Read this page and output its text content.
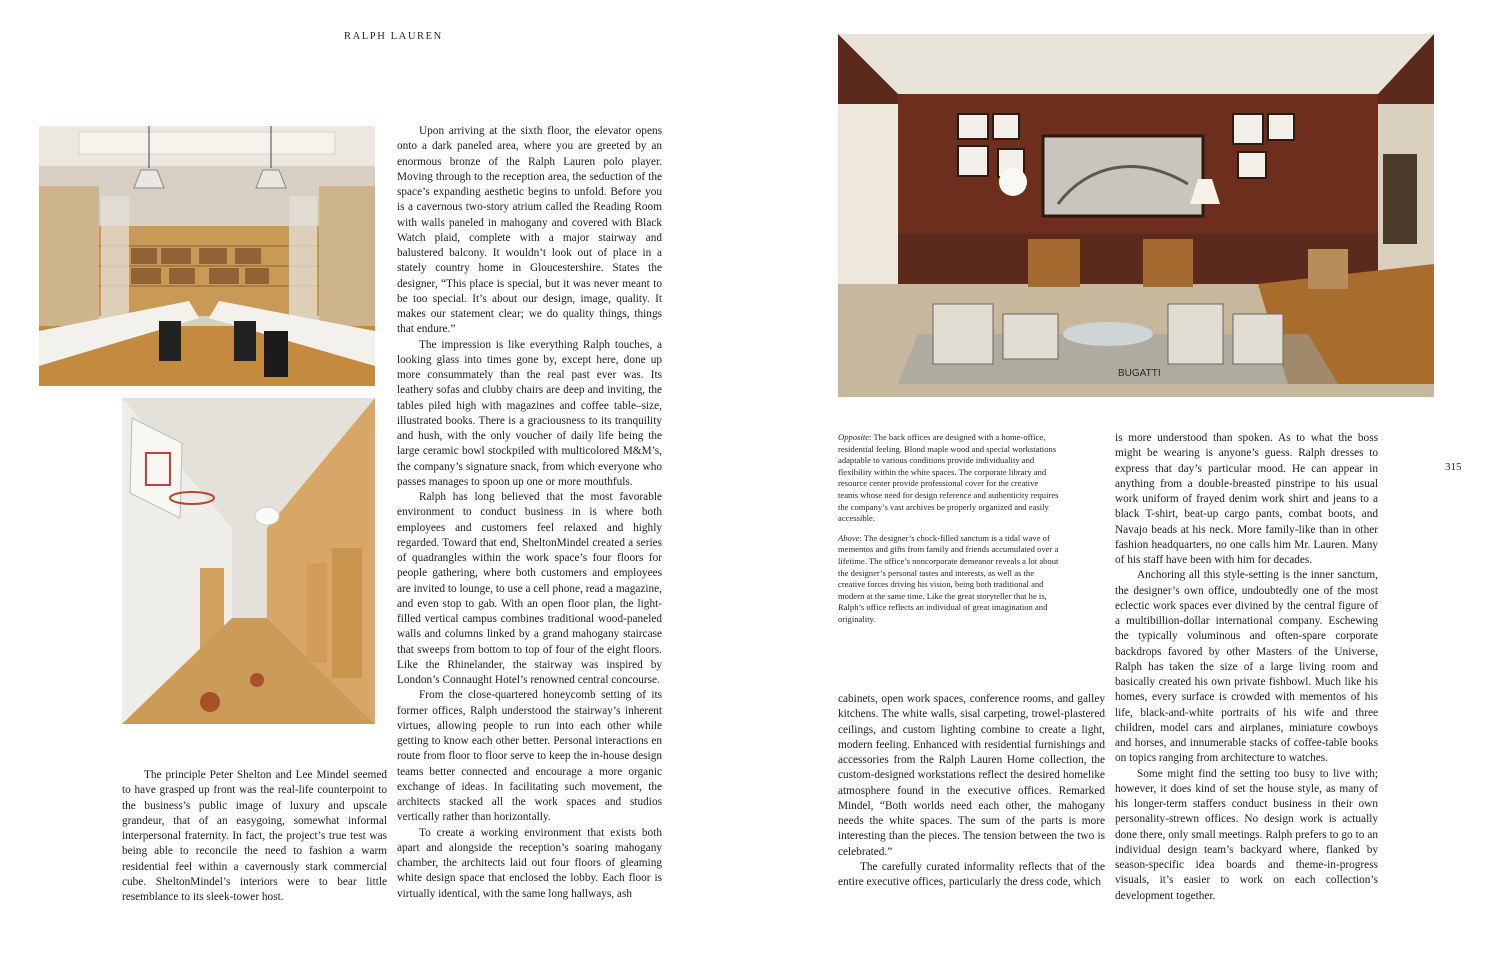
RALPH LAUREN

The principle Peter Shelton and Lee Mindel seemed to have grasped up front was the real-life counterpoint to the business’s public image of luxury and upscale grandeur, that of an easygoing, somewhat informal interpersonal fraternity. In fact, the project’s true test was being able to reconcile the need to fashion a warm residential feel within a cavernously stark commercial cube. SheltonMindel’s interiors were to bear little resemblance to its sleek-tower host.

Upon arriving at the sixth floor, the elevator opens onto a dark paneled area, where you are greeted by an enormous bronze of the Ralph Lauren polo player. Moving through to the reception area, the seduction of the space’s expanding aesthetic begins to unfold. Before you is a cavernous two-story atrium called the Reading Room with walls paneled in mahogany and covered with Black Watch plaid, complete with a major stairway and balustered balcony. It wouldn’t look out of place in a stately country home in Gloucestershire. States the designer, “This place is special, but it was never meant to be too special. It’s about our design, image, quality. It makes our statement clear; we do quality things, things that endure.”

The impression is like everything Ralph touches, a looking glass into times gone by, except here, done up more consummately than the real past ever was. Its leathery sofas and clubby chairs are deep and inviting, the tables piled high with magazines and coffee table–size, illustrated books. There is a graciousness to its tranquility and hush, with the only voucher of daily life being the large ceramic bowl stockpiled with multicolored M&M’s, the company’s signature snack, from which everyone who passes manages to spoon up one or more mouthfuls.

Ralph has long believed that the most favorable environment to conduct business in is where both employees and customers feel relaxed and highly regarded. Toward that end, SheltonMindel created a series of quadrangles within the work space’s four floors for people gathering, where both customers and employees are invited to lounge, to use a cell phone, read a magazine, and even stop to gab. With an open floor plan, the light-filled vertical campus combines traditional wood-paneled walls and columns linked by a grand mahogany staircase that sweeps from bottom to top of four of the eight floors. Like the Rhinelander, the stairway was inspired by London’s Connaught Hotel’s renowned central concourse.

From the close-quartered honeycomb setting of its former offices, Ralph understood the stairway’s inherent virtues, allowing people to run into each other while getting to know each other better. Personal interactions en route from floor to floor serve to keep the in-house design teams better connected and encourage a more organic exchange of ideas. In facilitating such movement, the architects stacked all the work spaces and studios vertically rather than horizontally.

To create a working environment that exists both apart and alongside the reception’s soaring mahogany chamber, the architects laid out four floors of gleaming white design space that enclosed the lobby. Each floor is virtually identical, with the same long hallways, ash

BUGATTI

Opposite: The back offices are designed with a home-office, residential feeling. Blond maple wood and special workstations adaptable to various conditions provide individuality and flexibility within the white spaces. The corporate library and resource center provide professional cover for the creative teams whose need for design reference and authenticity requires the company’s vast archives be properly organized and easily accessible.

Above: The designer’s chock-filled sanctum is a tidal wave of mementos and gifts from family and friends accumulated over a lifetime. The office’s noncorporate demeanor reveals a lot about the designer’s personal tastes and interests, as well as the creative forces driving his vision, being both traditional and modern at the same time. Like the great storyteller that he is, Ralph’s office reflects an individual of great imagination and originality.

cabinets, open work spaces, conference rooms, and galley kitchens. The white walls, sisal carpeting, trowel-plastered ceilings, and custom lighting combine to create a light, modern feeling. Enhanced with residential furnishings and accessories from the Ralph Lauren Home collection, the custom-designed workstations reflect the desired homelike atmosphere found in the executive offices. Remarked Mindel, “Both worlds need each other, the mahogany needs the white spaces. The sum of the parts is more interesting than the pieces. The tension between the two is celebrated.”

The carefully curated informality reflects that of the entire executive offices, particularly the dress code, which

is more understood than spoken. As to what the boss might be wearing is anyone’s guess. Ralph dresses to express that day’s particular mood. He can appear in anything from a double-breasted pinstripe to his usual work uniform of frayed denim work shirt and jeans to a black T-shirt, beat-up cargo pants, combat boots, and Navajo beads at his neck. More family-like than in other fashion headquarters, no one calls him Mr. Lauren. Many of his staff have been with him for decades.

Anchoring all this style-setting is the inner sanctum, the designer’s own office, undoubtedly one of the most eclectic work spaces ever divined by the central figure of a multibillion-dollar international company. Eschewing the typically voluminous and often-spare corporate backdrops favored by other Masters of the Universe, Ralph has taken the size of a large living room and basically created his own private fishbowl. Much like his homes, every surface is crowded with mementos of his life, black-and-white portraits of his wife and three children, model cars and airplanes, miniature cowboys and horses, and innumerable stacks of coffee-table books on topics ranging from architecture to watches.

Some might find the setting too busy to live with; however, it does kind of set the house style, as many of his longer-term staffers conduct business in their own personality-strewn offices. No design work is actually done there, only small meetings. Ralph prefers to go to an individual design team’s backyard where, flanked by season-specific idea boards and theme-in-progress visuals, it’s easier to work on each collection’s development together.

315
